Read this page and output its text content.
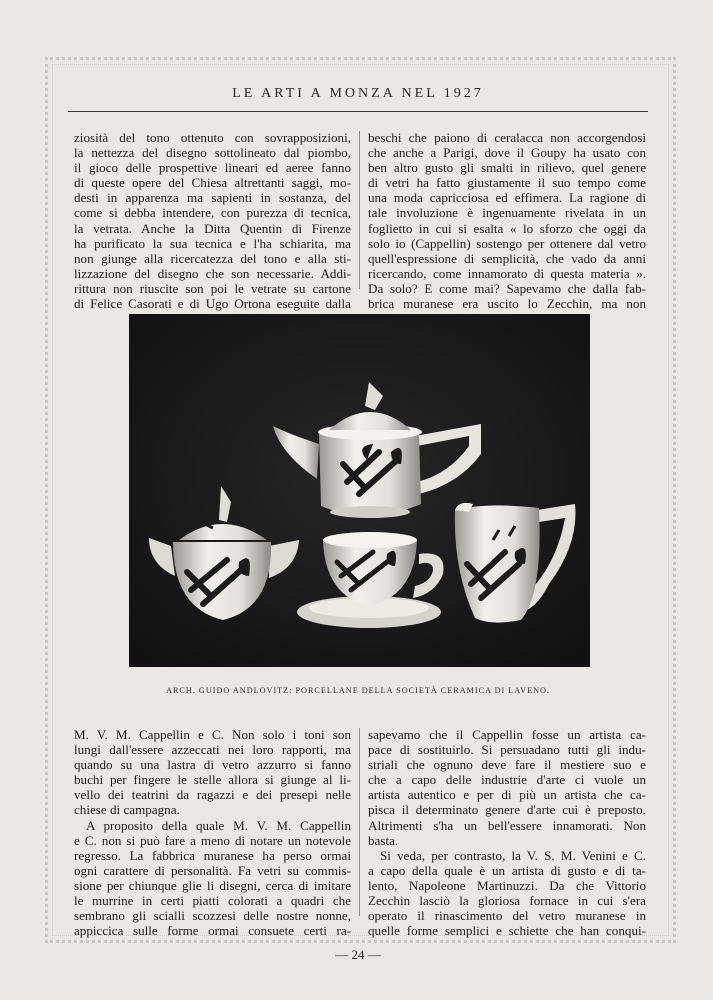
LE ARTI A MONZA NEL 1927

ziosità del tono ottenuto con sovrapposizioni,

la nettezza del disegno sottolineato dal piombo,

il gioco delle prospettive lineari ed aeree fanno

di queste opere del Chiesa altrettanti saggi, mo-

desti in apparenza ma sapienti in sostanza, del

come si debba intendere, con purezza di tecnica,

la vetrata. Anche la Ditta Quentin di Firenze

ha purificato la sua tecnica e l'ha schiarita, ma

non giunge alla ricercatezza del tono e alla sti-

lizzazione del disegno che son necessarie. Addi-

rittura non riuscite son poi le vetrate su cartone

di Felice Casorati e di Ugo Ortona eseguite dalla

beschi che paiono di ceralacca non accorgendosi

che anche a Parigi, dove il Goupy ha usato con

ben altro gusto gli smalti in rilievo, quel genere

di vetri ha fatto giustamente il suo tempo come

una moda capricciosa ed effimera. La ragione di

tale involuzione è ingenuamente rivelata in un

foglietto in cui si esalta « lo sforzo che oggi da

solo io (Cappellin) sostengo per ottenere dal vetro

quell'espressione di semplicità, che vado da anni

ricercando, come innamorato di questa materia ».

Da solo? E come mai? Sapevamo che dalla fab-

brica muranese era uscito lo Zecchin, ma non

ARCH. GUIDO ANDLOVITZ: PORCELLANE DELLA SOCIETÀ CERAMICA DI LAVENO.

M. V. M. Cappellin e C. Non solo i toni son

lungi dall'essere azzeccati nei loro rapporti, ma

quando su una lastra di vetro azzurro si fanno

buchi per fingere le stelle allora si giunge al li-

vello dei teatrini da ragazzi e dei presepi nelle

chiese di campagna.

A proposito della quale M. V. M. Cappellin

e C. non si può fare a meno di notare un notevole

regresso. La fabbrica muranese ha perso ormai

ogni carattere di personalità. Fa vetri su commis-

sione per chiunque glie li disegni, cerca di imitare

le murrine in certi piatti colorati a quadri che

sembrano gli scialli scozzesi delle nostre nonne,

appiccica sulle forme ormai consuete certi ra-

sapevamo che il Cappellin fosse un artista ca-

pace di sostituirlo. Si persuadano tutti gli indu-

striali che ognuno deve fare il mestiere suo e

che a capo delle industrie d'arte ci vuole un

artista autentico e per di più un artista che ca-

pisca il determinato genere d'arte cui è preposto.

Altrimenti s'ha un bell'essere innamorati. Non

basta.

Si veda, per contrasto, la V. S. M. Venini e C.

a capo della quale è un artista di gusto e di ta-

lento, Napoleone Martinuzzi. Da che Vittorio

Zecchin lasciò la gloriosa fornace in cui s'era

operato il rinascimento del vetro muranese in

quelle forme semplici e schiette che han conqui-

— 24 —
